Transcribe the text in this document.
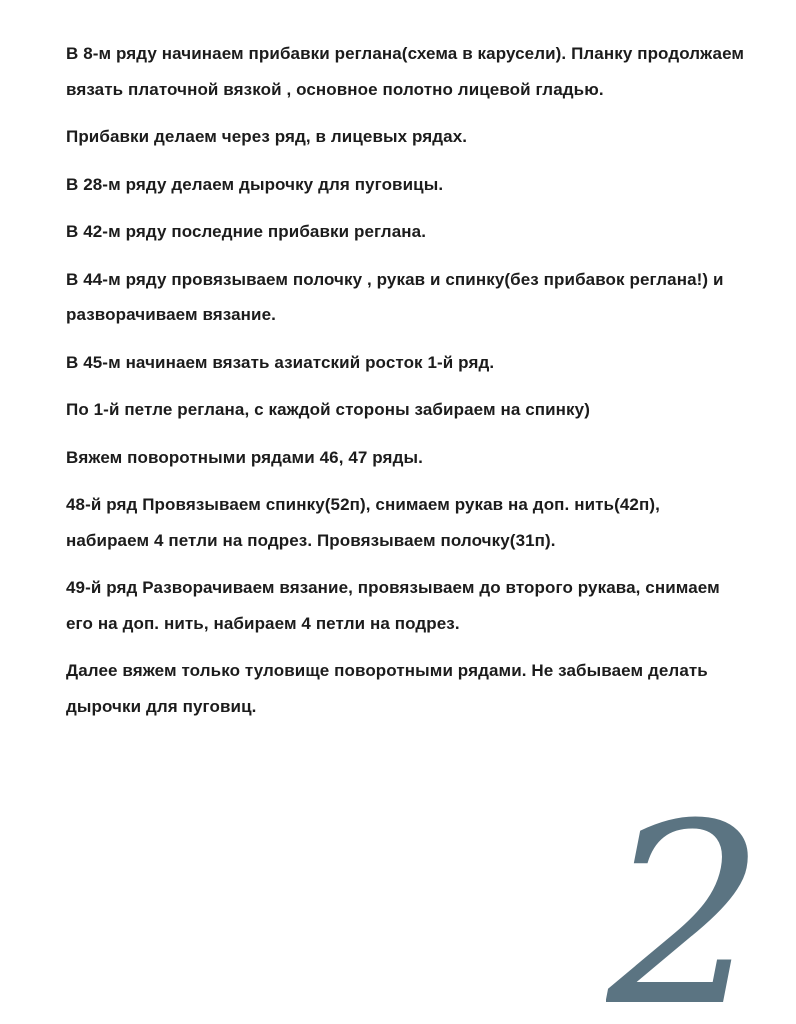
В 8-м ряду начинаем прибавки реглана(схема в карусели). Планку продолжаем вязать платочной вязкой , основное полотно лицевой гладью.

Прибавки делаем через ряд, в лицевых рядах.

В 28-м ряду делаем дырочку для пуговицы.

В 42-м ряду последние прибавки реглана.

В 44-м ряду провязываем полочку , рукав и спинку(без прибавок реглана!) и разворачиваем вязание.

В 45-м начинаем вязать азиатский росток 1-й ряд.

По 1-й петле реглана, с каждой стороны забираем на спинку)

Вяжем поворотными рядами 46, 47 ряды.

48-й ряд Провязываем спинку(52п), снимаем рукав на доп. нить(42п), набираем 4 петли на подрез. Провязываем полочку(31п).

49-й ряд Разворачиваем вязание, провязываем до второго рукава, снимаем его на доп. нить, набираем 4 петли на подрез.

Далее вяжем только туловище поворотными рядами. Не забываем делать дырочки для пуговиц.

2
